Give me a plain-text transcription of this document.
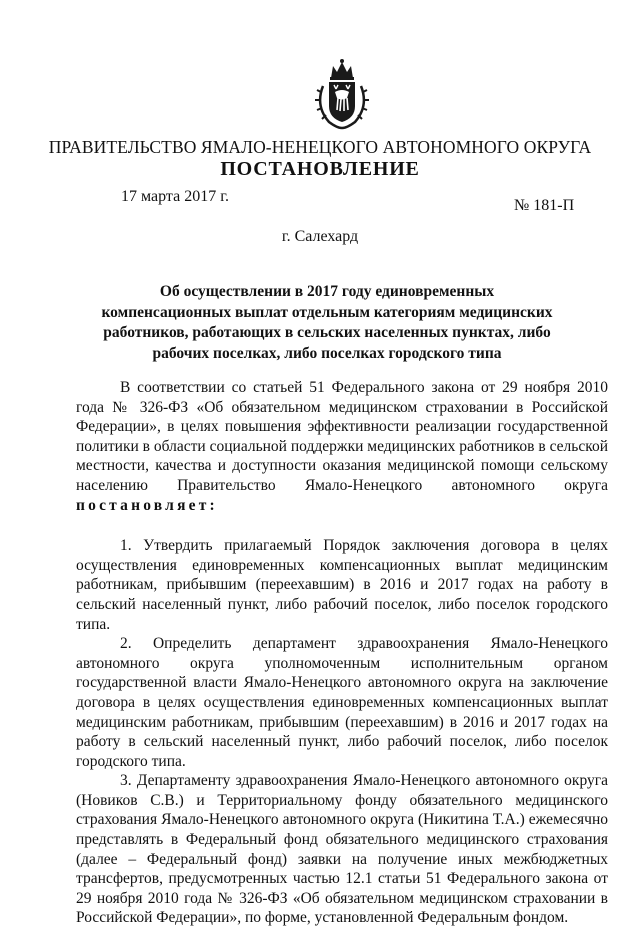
ПРАВИТЕЛЬСТВО ЯМАЛО-НЕНЕЦКОГО АВТОНОМНОГО ОКРУГА
ПОСТАНОВЛЕНИЕ
17 марта 2017 г.
№ 181-П
г. Салехард
Об осуществлении в 2017 году единовременных компенсационных выплат отдельным категориям медицинских работников, работающих в сельских населенных пунктах, либо рабочих поселках, либо поселках городского типа

В соответствии со статьей 51 Федерального закона от 29 ноября 2010 года № 326-ФЗ «Об обязательном медицинском страховании в Российской Федерации», в целях повышения эффективности реализации государственной политики в области социальной поддержки медицинских работников в сельской местности, качества и доступности оказания медицинской помощи сельскому населению Правительство Ямало-Ненецкого автономного округа постановляет:

1. Утвердить прилагаемый Порядок заключения договора в целях осуществления единовременных компенсационных выплат медицинским работникам, прибывшим (переехавшим) в 2016 и 2017 годах на работу в сельский населенный пункт, либо рабочий поселок, либо поселок городского типа.

2. Определить департамент здравоохранения Ямало-Ненецкого автономного округа уполномоченным исполнительным органом государственной власти Ямало-Ненецкого автономного округа на заключение договора в целях осуществления единовременных компенсационных выплат медицинским работникам, прибывшим (переехавшим) в 2016 и 2017 годах на работу в сельский населенный пункт, либо рабочий поселок, либо поселок городского типа.

3. Департаменту здравоохранения Ямало-Ненецкого автономного округа (Новиков С.В.) и Территориальному фонду обязательного медицинского страхования Ямало-Ненецкого автономного округа (Никитина Т.А.) ежемесячно представлять в Федеральный фонд обязательного медицинского страхования (далее – Федеральный фонд) заявки на получение иных межбюджетных трансфертов, предусмотренных частью 12.1 статьи 51 Федерального закона от 29 ноября 2010 года № 326-ФЗ «Об обязательном медицинском страховании в Российской Федерации», по форме, установленной Федеральным фондом.
